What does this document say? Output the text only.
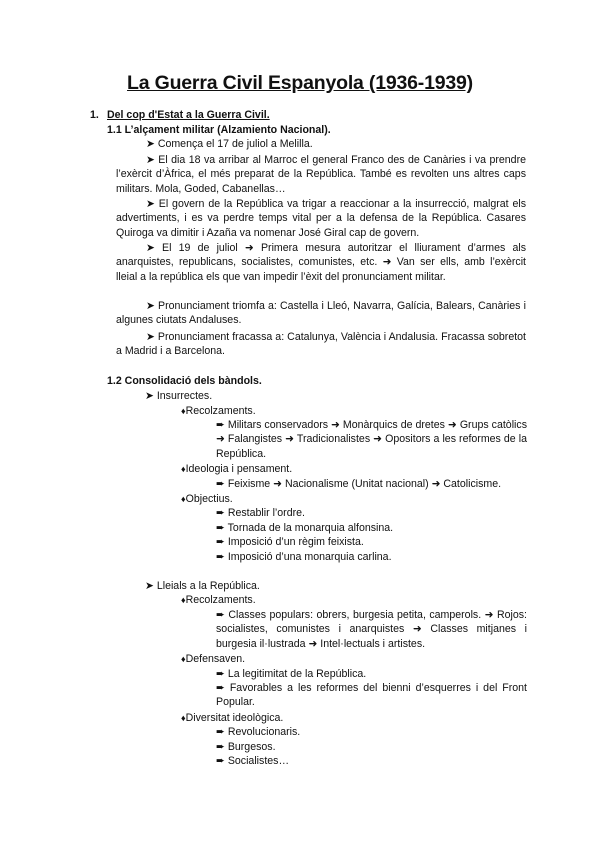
La Guerra Civil Espanyola (1936-1939)
1. Del cop d'Estat a la Guerra Civil.
1.1 L’alçament militar (Alzamiento Nacional).
➤ Comença el 17 de juliol a Melilla.
➤ El dia 18 va arribar al Marroc el general Franco des de Canàries i va prendre l’exèrcit d’Àfrica, el més preparat de la República. També es revolten uns altres caps militars. Mola, Goded, Cabanellas…
➤ El govern de la República va trigar a reaccionar a la insurrecció, malgrat els advertiments, i es va perdre temps vital per a la defensa de la República. Casares Quiroga va dimitir i Azaña va nomenar José Giral cap de govern.
➤ El 19 de juliol ➜ Primera mesura autoritzar el lliurament d’armes als anarquistes, republicans, socialistes, comunistes, etc. ➜ Van ser ells, amb l’exèrcit lleial a la república els que van impedir l’èxit del pronunciament militar.
➤ Pronunciament triomfa a: Castella i Lleó, Navarra, Galícia, Balears, Canàries i algunes ciutats Andaluses.
➤ Pronunciament fracassa a: Catalunya, València i Andalusia. Fracassa sobretot a Madrid i a Barcelona.
1.2 Consolidació dels bàndols.
➤ Insurrectes.
♦Recolzaments.
➨ Militars conservadors ➜ Monàrquics de dretes ➜ Grups catòlics ➜ Falangistes ➜ Tradicionalistes ➜ Opositors a les reformes de la República.
♦Ideologia i pensament.
➨ Feixisme ➜ Nacionalisme (Unitat nacional) ➜ Catolicisme.
♦Objectius.
➨ Restablir l’ordre.
➨ Tornada de la monarquia alfonsina.
➨ Imposició d’un règim feixista.
➨ Imposició d’una monarquia carlina.
➤ Lleials a la República.
♦Recolzaments.
➨ Classes populars: obrers, burgesia petita, camperols. ➜ Rojos: socialistes, comunistes i anarquistes ➜ Classes mitjanes i burgesia il·lustrada ➜ Intel·lectuals i artistes.
♦Defensaven.
➨ La legitimitat de la República.
➨ Favorables a les reformes del bienni d’esquerres i del Front Popular.
♦Diversitat ideològica.
➨ Revolucionaris.
➨ Burgesos.
➨ Socialistes…
